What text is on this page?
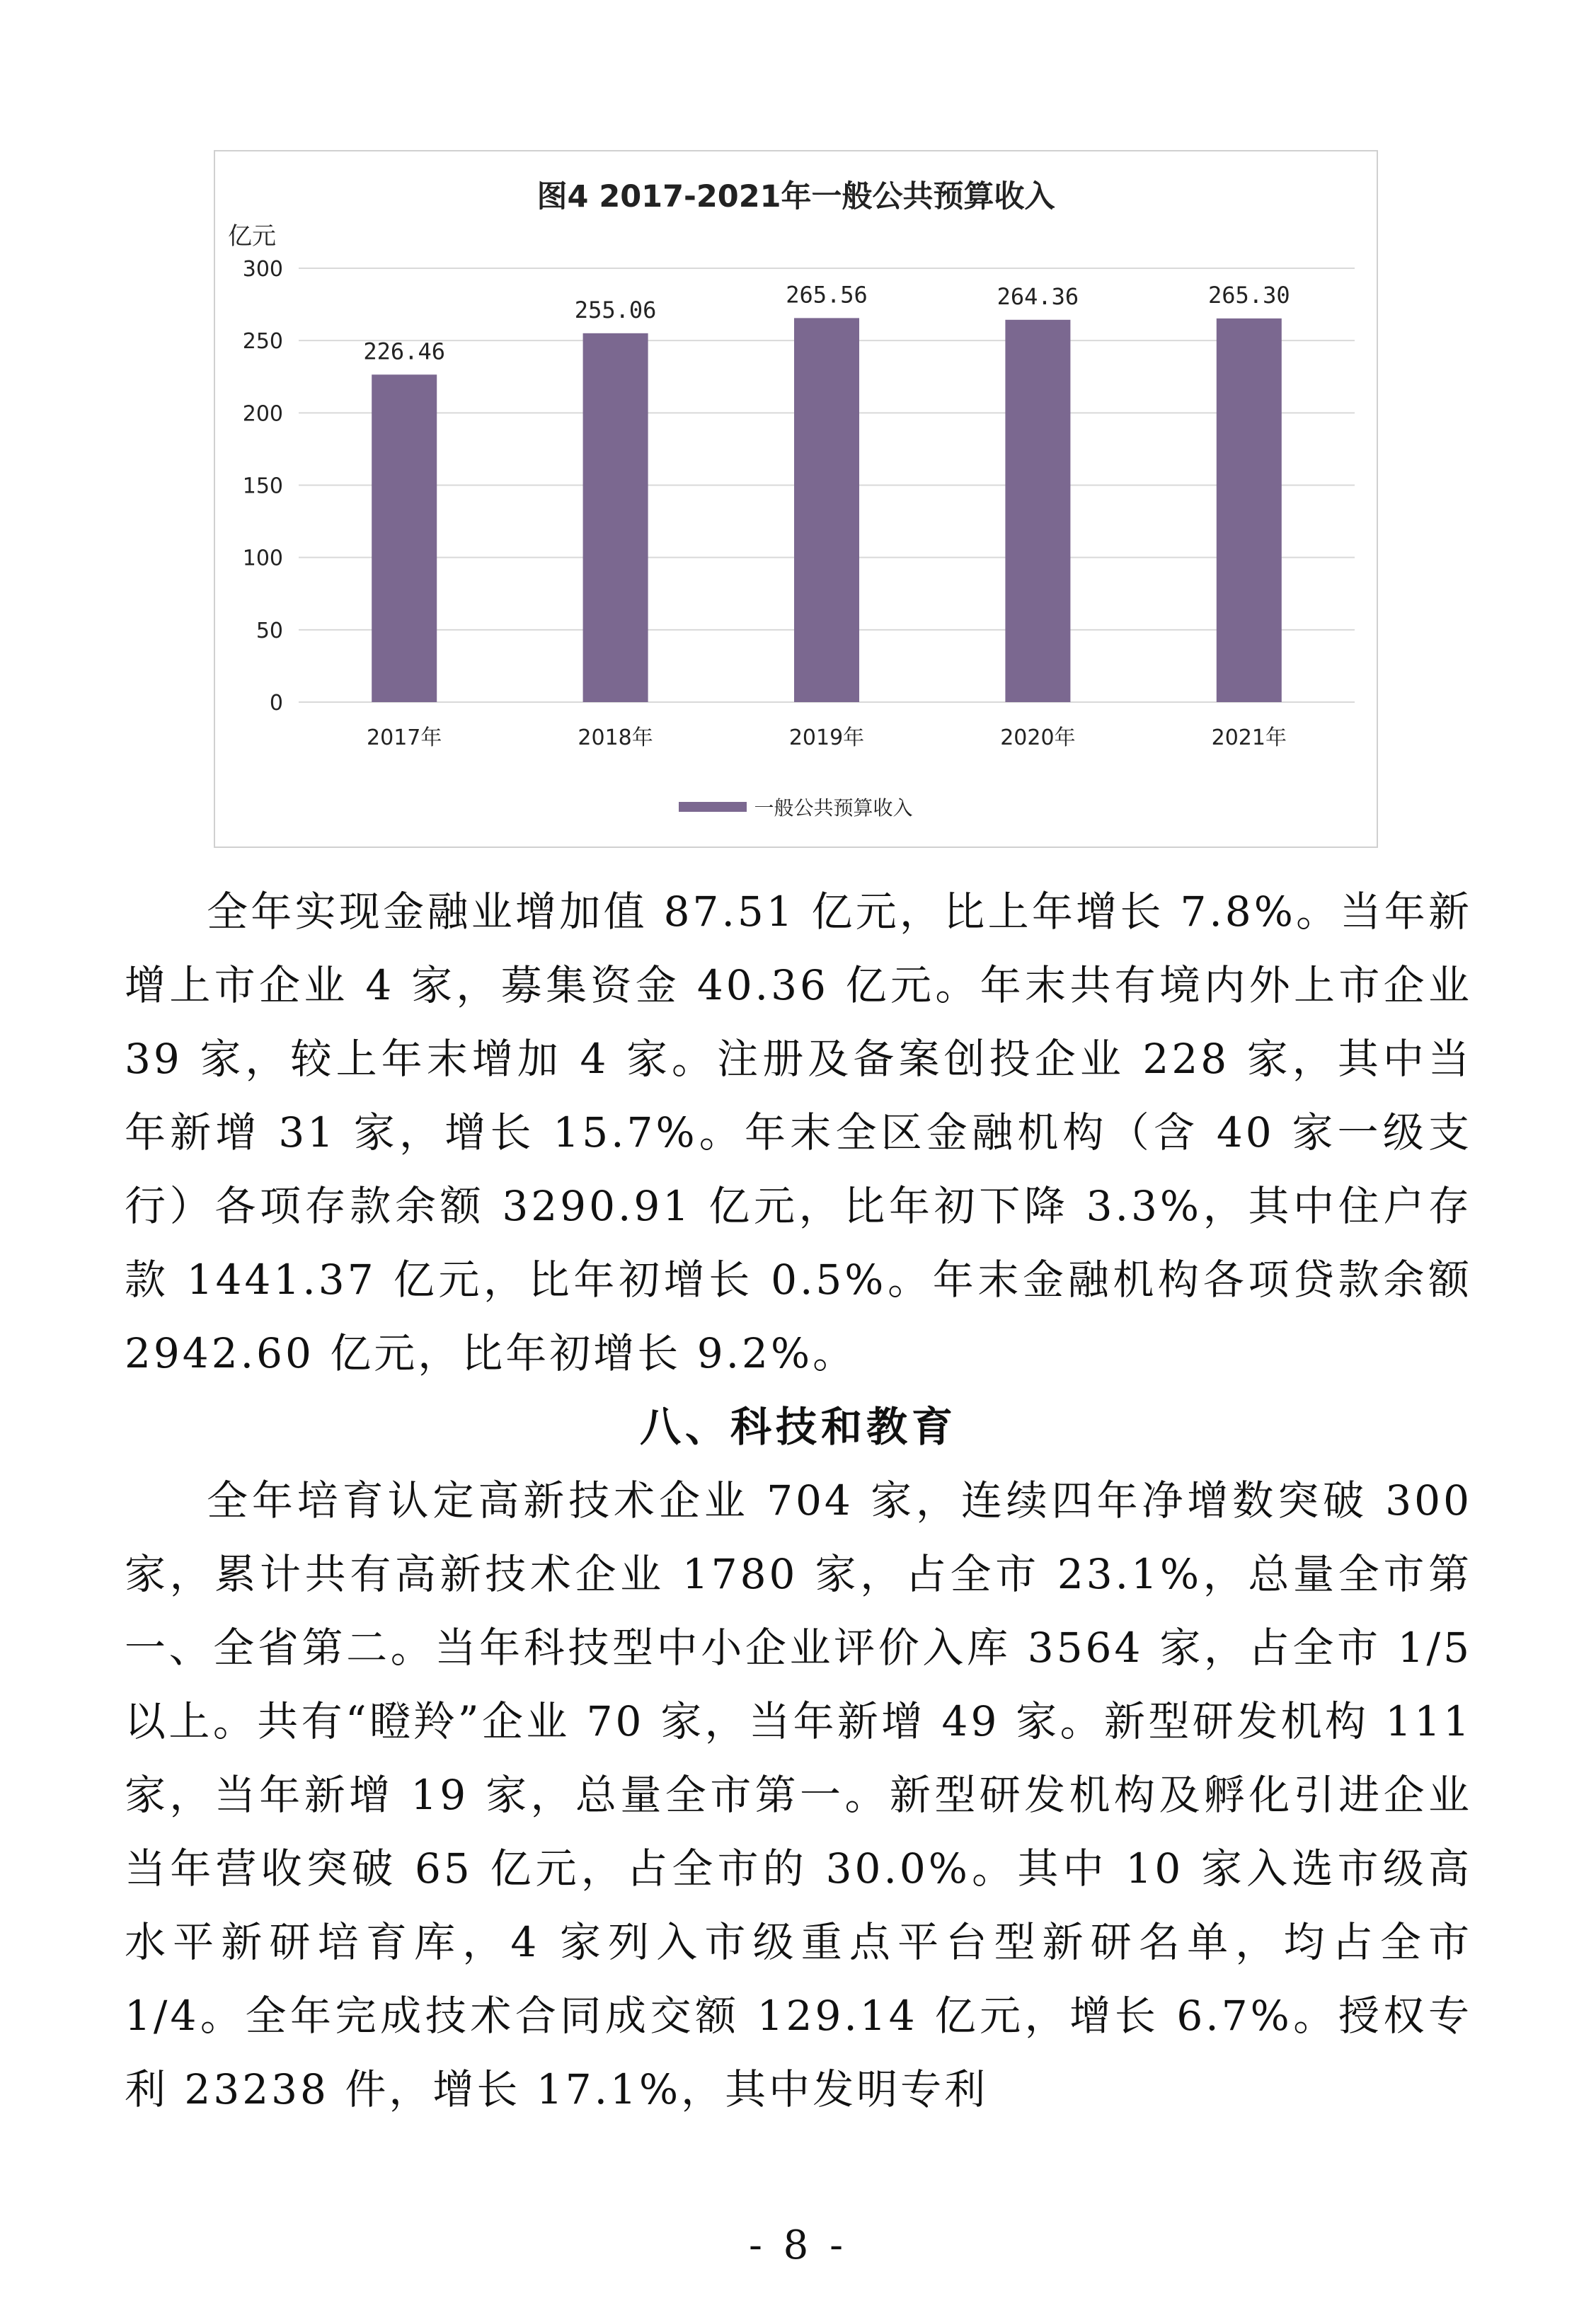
图4 2017-2021年一般公共预算收入
亿元
0
50
100
150
200
250
300
226.46
2017年
255.06
2018年
265.56
2019年
264.36
2020年
265.30
2021年
一般公共预算收入

全年实现金融业增加值 87.51 亿元，比上年增长 7.8%。当年新增上市企业 4 家，募集资金 40.36 亿元。年末共有境内外上市企业 39 家，较上年末增加 4 家。注册及备案创投企业 228 家，其中当年新增 31 家，增长 15.7%。年末全区金融机构（含 40 家一级支行）各项存款余额 3290.91 亿元，比年初下降 3.3%，其中住户存款 1441.37 亿元，比年初增长 0.5%。年末金融机构各项贷款余额 2942.60 亿元，比年初增长 9.2%。

八、科技和教育

全年培育认定高新技术企业 704 家，连续四年净增数突破 300 家，累计共有高新技术企业 1780 家，占全市 23.1%，总量全市第一、全省第二。当年科技型中小企业评价入库 3564 家，占全市 1/5 以上。共有“瞪羚”企业 70 家，当年新增 49 家。新型研发机构 111 家，当年新增 19 家，总量全市第一。新型研发机构及孵化引进企业当年营收突破 65 亿元，占全市的 30.0%。其中 10 家入选市级高水平新研培育库，4 家列入市级重点平台型新研名单，均占全市 1/4。全年完成技术合同成交额 129.14 亿元，增长 6.7%。授权专利 23238 件，增长 17.1%，其中发明专利

- 8 -
